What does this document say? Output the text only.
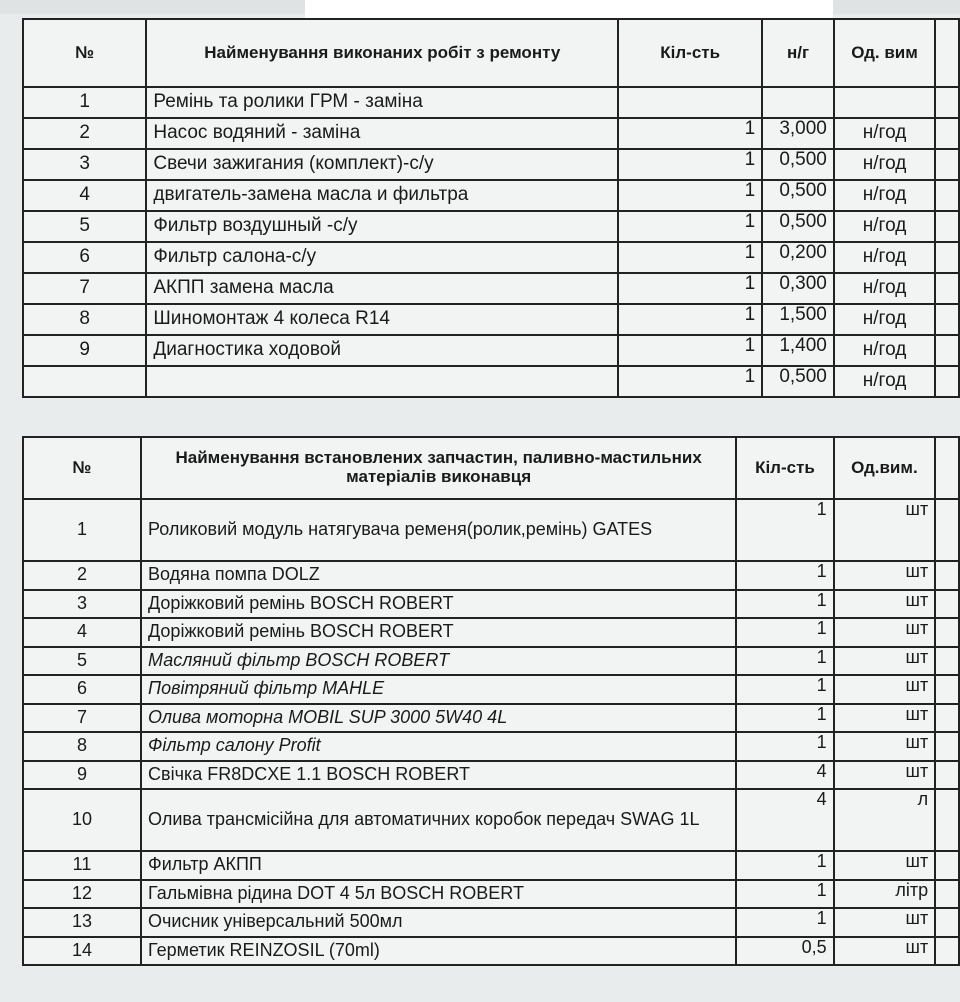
№	Найменування виконаних робіт з ремонту	Кіл-сть	н/г	Од. вим	
1	Ремінь та ролики ГРМ - заміна				
2	Насос водяний - заміна	1	3,000	н/год	
3	Свечи зажигания (комплект)-с/у	1	0,500	н/год	
4	двигатель-замена масла и фильтра	1	0,500	н/год	
5	Фильтр воздушный -с/у	1	0,500	н/год	
6	Фильтр салона-с/у	1	0,200	н/год	
7	АКПП замена масла	1	0,300	н/год	
8	Шиномонтаж 4 колеса R14	1	1,500	н/год	
9	Диагностика ходовой	1	1,400	н/год	
		1	0,500	н/год	
№	Найменування встановлених запчастин, паливно-мастильних матеріалів виконавця	Кіл-сть	Од.вим.	
1	Роликовий модуль натягувача ременя(ролик,ремінь) GATES	1	шт	
2	Водяна помпа DOLZ	1	шт	
3	Доріжковий ремінь BOSCH ROBERT	1	шт	
4	Доріжковий ремінь BOSCH ROBERT	1	шт	
5	Масляний фільтр BOSCH ROBERT	1	шт	
6	Повітряний фільтр MAHLE	1	шт	
7	Олива моторна MOBIL SUP 3000 5W40 4L	1	шт	
8	Фільтр салону Profit	1	шт	
9	Свічка FR8DCXE 1.1 BOSCH ROBERT	4	шт	
10	Олива трансмісійна для автоматичних коробок передач SWAG 1L	4	л	
11	Фильтр АКПП	1	шт	
12	Гальмівна рідина DOT 4 5л BOSCH ROBERT	1	літр	
13	Очисник універсальний 500мл	1	шт	
14	Герметик REINZOSIL (70ml)	0,5	шт	
